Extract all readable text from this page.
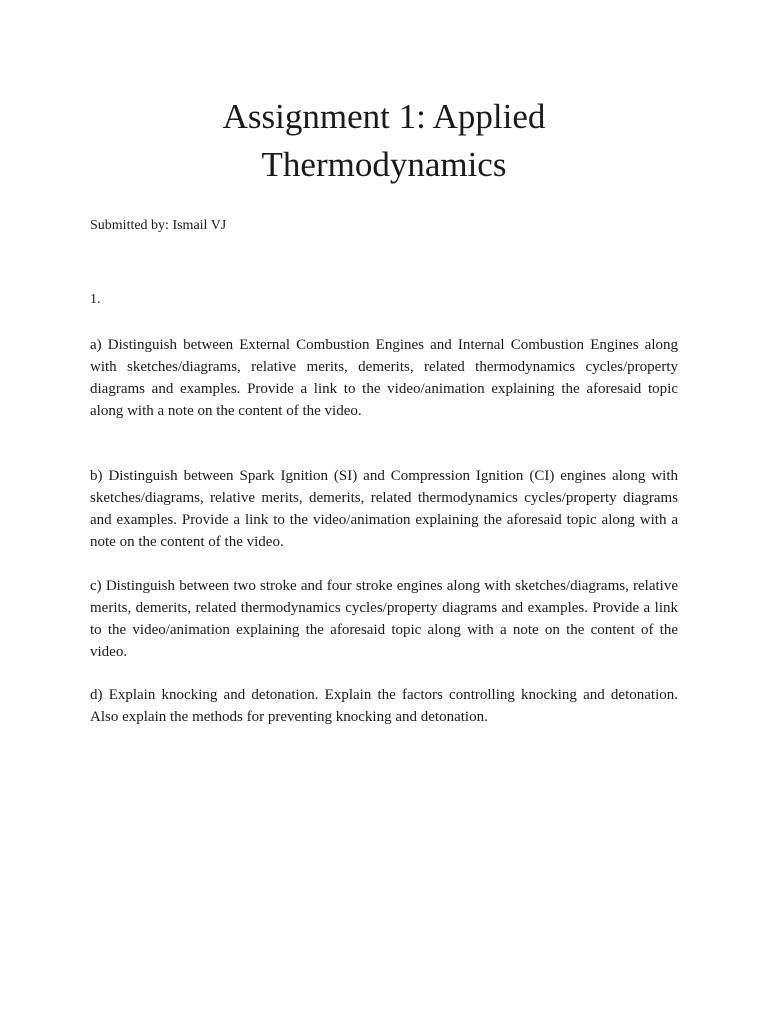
Assignment 1: Applied
Thermodynamics

Submitted by: Ismail VJ

1.

a) Distinguish between External Combustion Engines and Internal Combustion Engines along with sketches/diagrams, relative merits, demerits, related thermodynamics cycles/property diagrams and examples. Provide a link to the video/animation explaining the aforesaid topic along with a note on the content of the video.

b) Distinguish between Spark Ignition (SI) and Compression Ignition (CI) engines along with sketches/diagrams, relative merits, demerits, related thermodynamics cycles/property diagrams and examples. Provide a link to the video/animation explaining the aforesaid topic along with a note on the content of the video.

c) Distinguish between two stroke and four stroke engines along with sketches/diagrams, relative merits, demerits, related thermodynamics cycles/property diagrams and examples. Provide a link to the video/animation explaining the aforesaid topic along with a note on the content of the video.

d) Explain knocking and detonation. Explain the factors controlling knocking and detonation. Also explain the methods for preventing knocking and detonation.
